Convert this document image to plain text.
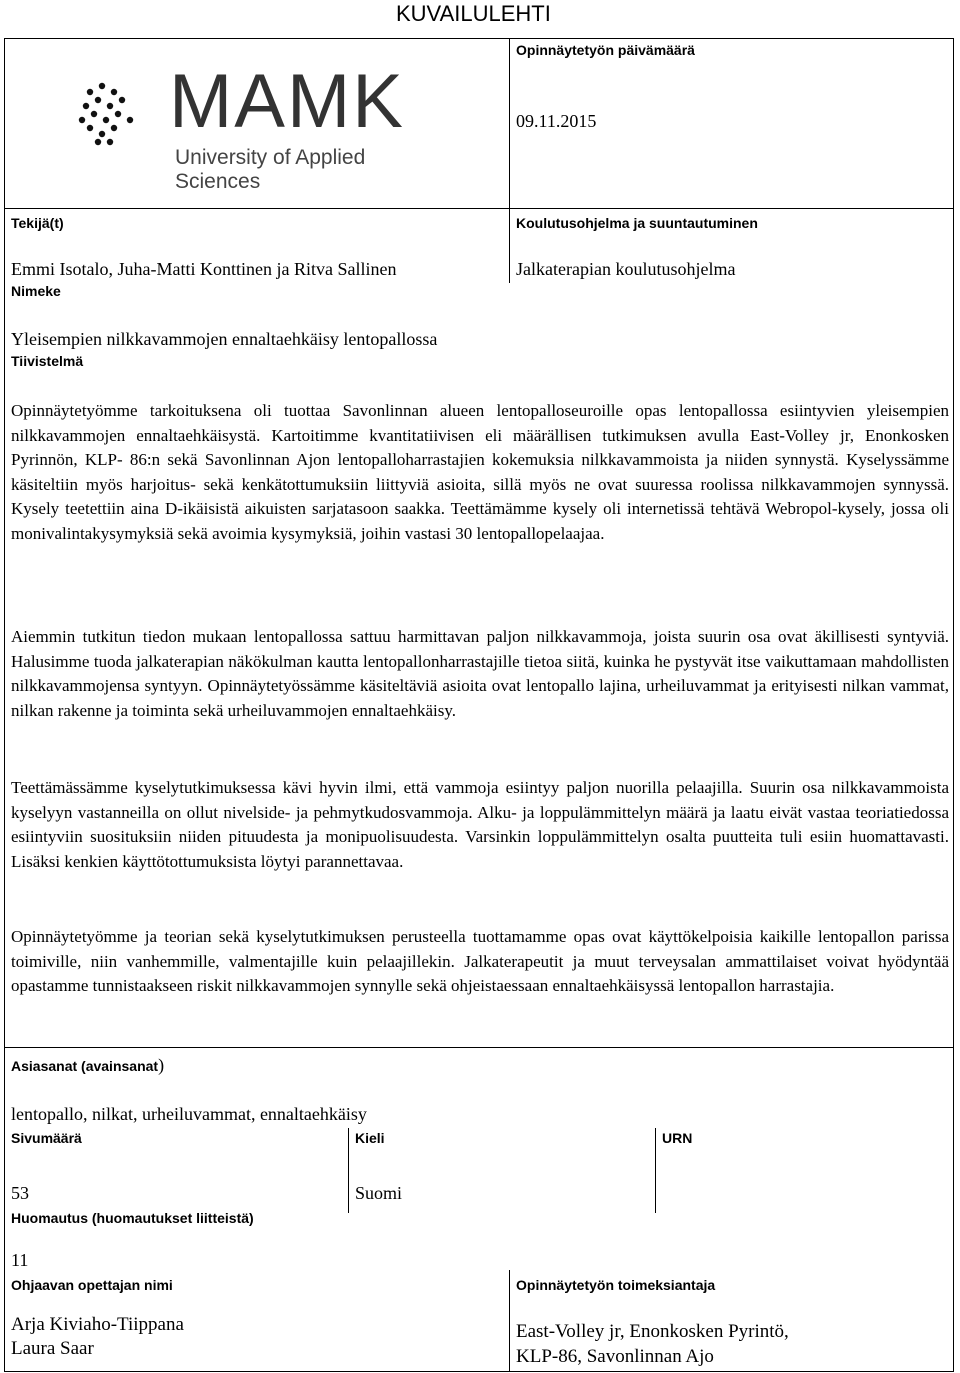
KUVAILULEHTI
MAMK
University of Applied Sciences
Opinnäytetyön päivämäärä
09.11.2015
Tekijä(t)
Emmi Isotalo, Juha-Matti Konttinen ja Ritva Sallinen
Koulutusohjelma ja suuntautuminen
Jalkaterapian koulutusohjelma
Nimeke
Yleisempien nilkkavammojen ennaltaehkäisy lentopallossa
Tiivistelmä

Opinnäytetyömme tarkoituksena oli tuottaa Savonlinnan alueen lentopalloseuroille opas lentopallossa esiintyvien yleisempien nilkkavammojen ennaltaehkäisystä. Kartoitimme kvantitatiivisen eli määrällisen tutkimuksen avulla East-Volley jr, Enonkosken Pyrinnön, KLP- 86:n sekä Savonlinnan Ajon lentopalloharrastajien kokemuksia nilkkavammoista ja niiden synnystä. Kyselyssämme käsiteltiin myös harjoitus- sekä kenkätottumuksiin liittyviä asioita, sillä myös ne ovat suuressa roolissa nilkkavammojen synnyssä. Kysely teetettiin aina D-ikäisistä aikuisten sarjatasoon saakka. Teettämämme kysely oli internetissä tehtävä Webropol-kysely, jossa oli monivalintakysymyksiä sekä avoimia kysymyksiä, joihin vastasi 30 lentopallopelaajaa.

Aiemmin tutkitun tiedon mukaan lentopallossa sattuu harmittavan paljon nilkkavammoja, joista suurin osa ovat äkillisesti syntyviä. Halusimme tuoda jalkaterapian näkökulman kautta lentopallonharrastajille tietoa siitä, kuinka he pystyvät itse vaikuttamaan mahdollisten nilkkavammojensa syntyyn. Opinnäytetyössämme käsiteltäviä asioita ovat lentopallo lajina, urheiluvammat ja erityisesti nilkan vammat, nilkan rakenne ja toiminta sekä urheiluvammojen ennaltaehkäisy.

Teettämässämme kyselytutkimuksessa kävi hyvin ilmi, että vammoja esiintyy paljon nuorilla pelaajilla. Suurin osa nilkkavammoista kyselyyn vastanneilla on ollut nivelside- ja pehmytkudosvammoja. Alku- ja loppulämmittelyn määrä ja laatu eivät vastaa teoriatiedossa esiintyviin suosituksiin niiden pituudesta ja monipuolisuudesta. Varsinkin loppulämmittelyn osalta puutteita tuli esiin huomattavasti. Lisäksi kenkien käyttötottumuksista löytyi parannettavaa.

Opinnäytetyömme ja teorian sekä kyselytutkimuksen perusteella tuottamamme opas ovat käyttökelpoisia kaikille lentopallon parissa toimiville, niin vanhemmille, valmentajille kuin pelaajillekin. Jalkaterapeutit ja muut terveysalan ammattilaiset voivat hyödyntää opastamme tunnistaakseen riskit nilkkavammojen synnylle sekä ohjeistaessaan ennaltaehkäisyssä lentopallon harrastajia.

Asiasanat (avainsanat)
lentopallo, nilkat, urheiluvammat, ennaltaehkäisy
Sivumäärä
53
Kieli
Suomi
URN
Huomautus (huomautukset liitteistä)
11
Ohjaavan opettajan nimi
Arja Kiviaho-Tiippana
Laura Saar
Opinnäytetyön toimeksiantaja
East-Volley jr, Enonkosken Pyrintö,
KLP-86, Savonlinnan Ajo
